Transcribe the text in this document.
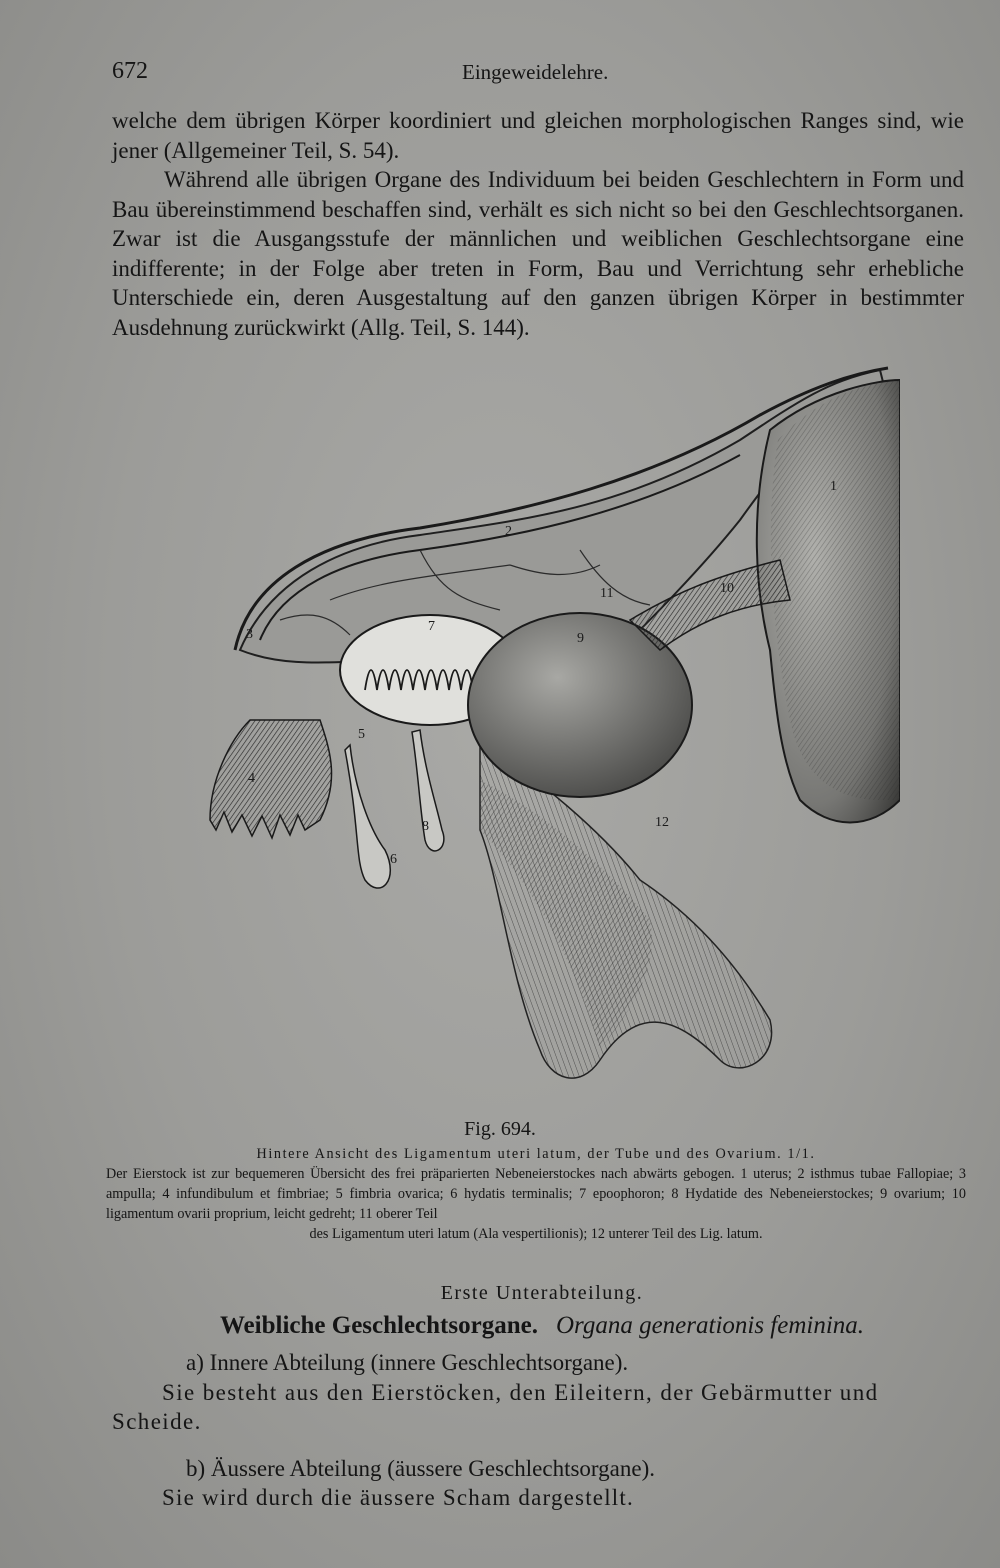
672	Eingeweidelehre.

welche dem übrigen Körper koordiniert und gleichen morphologischen Ranges sind, wie jener (Allgemeiner Teil, S. 54).

Während alle übrigen Organe des Individuum bei beiden Geschlechtern in Form und Bau übereinstimmend beschaffen sind, verhält es sich nicht so bei den Geschlechtsorganen. Zwar ist die Ausgangsstufe der männlichen und weiblichen Geschlechtsorgane eine indifferente; in der Folge aber treten in Form, Bau und Verrichtung sehr erhebliche Unterschiede ein, deren Ausgestaltung auf den ganzen übrigen Körper in bestimmter Ausdehnung zurückwirkt (Allg. Teil, S. 144).

1
2
3
4
5
6
7
8
9
10
11
12
Fig. 694.
Hintere Ansicht des Ligamentum uteri latum, der Tube und des Ovarium. 1/1.
Der Eierstock ist zur bequemeren Übersicht des frei präparierten Nebeneierstockes nach abwärts gebogen. 1 uterus; 2 isthmus tubae Fallopiae; 3 ampulla; 4 infundibulum et fimbriae; 5 fimbria ovarica; 6 hydatis terminalis; 7 epoophoron; 8 Hydatide des Nebeneierstockes; 9 ovarium; 10 ligamentum ovarii proprium, leicht gedreht; 11 oberer Teil
des Ligamentum uteri latum (Ala vespertilionis); 12 unterer Teil des Lig. latum.
Erste Unterabteilung.
Weibliche Geschlechtsorgane. Organa generationis feminina.
a) Innere Abteilung (innere Geschlechtsorgane).
Sie besteht aus den Eierstöcken, den Eileitern, der Gebärmutter und Scheide.
b) Äussere Abteilung (äussere Geschlechtsorgane).
Sie wird durch die äussere Scham dargestellt.
